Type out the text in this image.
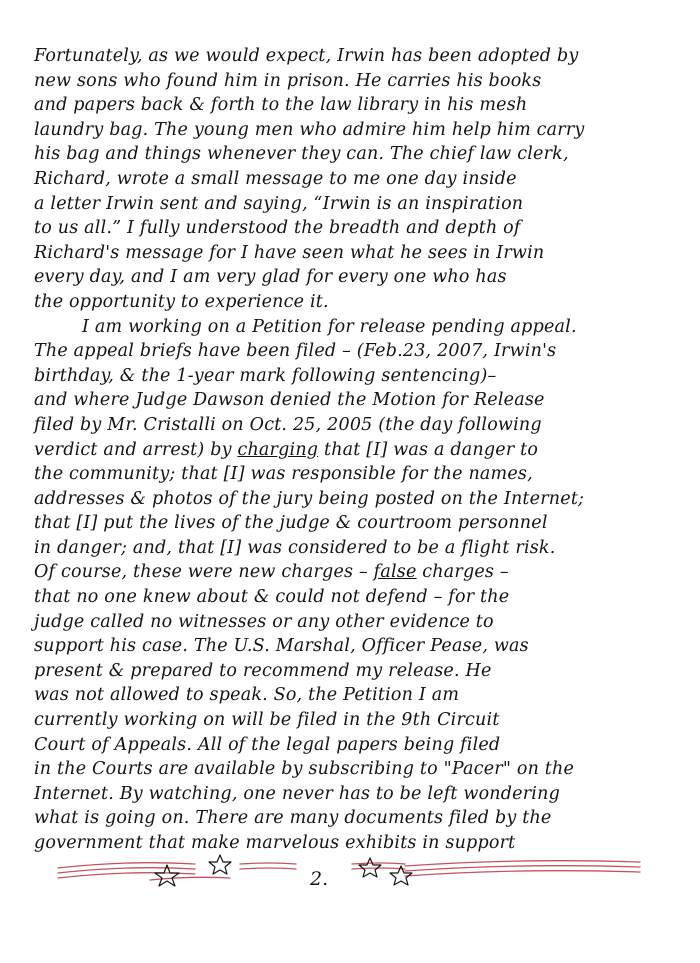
Fortunately, as we would expect, Irwin has been adopted by
new sons who found him in prison. He carries his books
and papers back & forth to the law library in his mesh
laundry bag. The young men who admire him help him carry
his bag and things whenever they can. The chief law clerk,
Richard, wrote a small message to me one day inside
a letter Irwin sent and saying, “Irwin is an inspiration
to us all.” I fully understood the breadth and depth of
Richard's message for I have seen what he sees in Irwin
every day, and I am very glad for every one who has
the opportunity to experience it.
I am working on a Petition for release pending appeal.
The appeal briefs have been filed – (Feb.23, 2007, Irwin's
birthday, & the 1-year mark following sentencing)–
and where Judge Dawson denied the Motion for Release
filed by Mr. Cristalli on Oct. 25, 2005 (the day following
verdict and arrest) by charging that [I] was a danger to
the community; that [I] was responsible for the names,
addresses & photos of the jury being posted on the Internet;
that [I] put the lives of the judge & courtroom personnel
in danger; and, that [I] was considered to be a flight risk.
Of course, these were new charges – false charges –
that no one knew about & could not defend – for the
judge called no witnesses or any other evidence to
support his case. The U.S. Marshal, Officer Pease, was
present & prepared to recommend my release. He
was not allowed to speak. So, the Petition I am
currently working on will be filed in the 9th Circuit
Court of Appeals. All of the legal papers being filed
in the Courts are available by subscribing to "Pacer" on the
Internet. By watching, one never has to be left wondering
what is going on. There are many documents filed by the
government that make marvelous exhibits in support
2.
